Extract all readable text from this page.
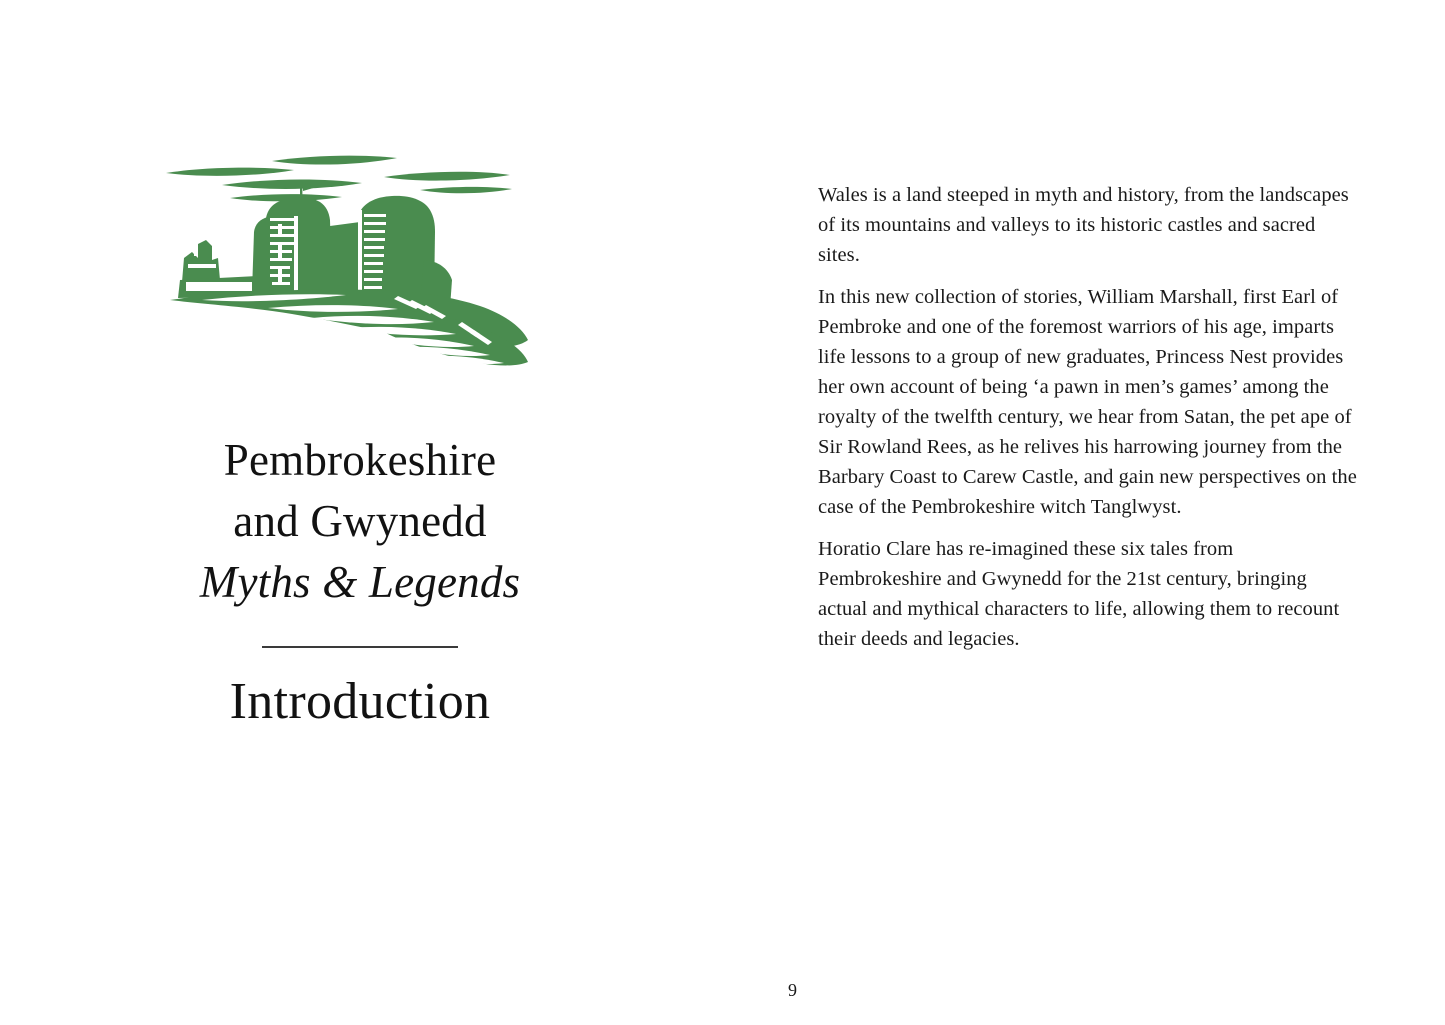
Pembrokeshire
and Gwynedd
Myths & Legends
Introduction

Wales is a land steeped in myth and history, from the landscapes of its mountains and valleys to its historic castles and sacred sites.

In this new collection of stories, William Marshall, first Earl of Pembroke and one of the foremost warriors of his age, imparts life lessons to a group of new graduates, Princess Nest provides her own account of being ‘a pawn in men’s games’ among the royalty of the twelfth century, we hear from Satan, the pet ape of Sir Rowland Rees, as he relives his harrowing journey from the Barbary Coast to Carew Castle, and gain new perspectives on the case of the Pembrokeshire witch Tanglwyst.

Horatio Clare has re-imagined these six tales from Pembrokeshire and Gwynedd for the 21st century, bringing actual and mythical characters to life, allowing them to recount their deeds and legacies.

9
